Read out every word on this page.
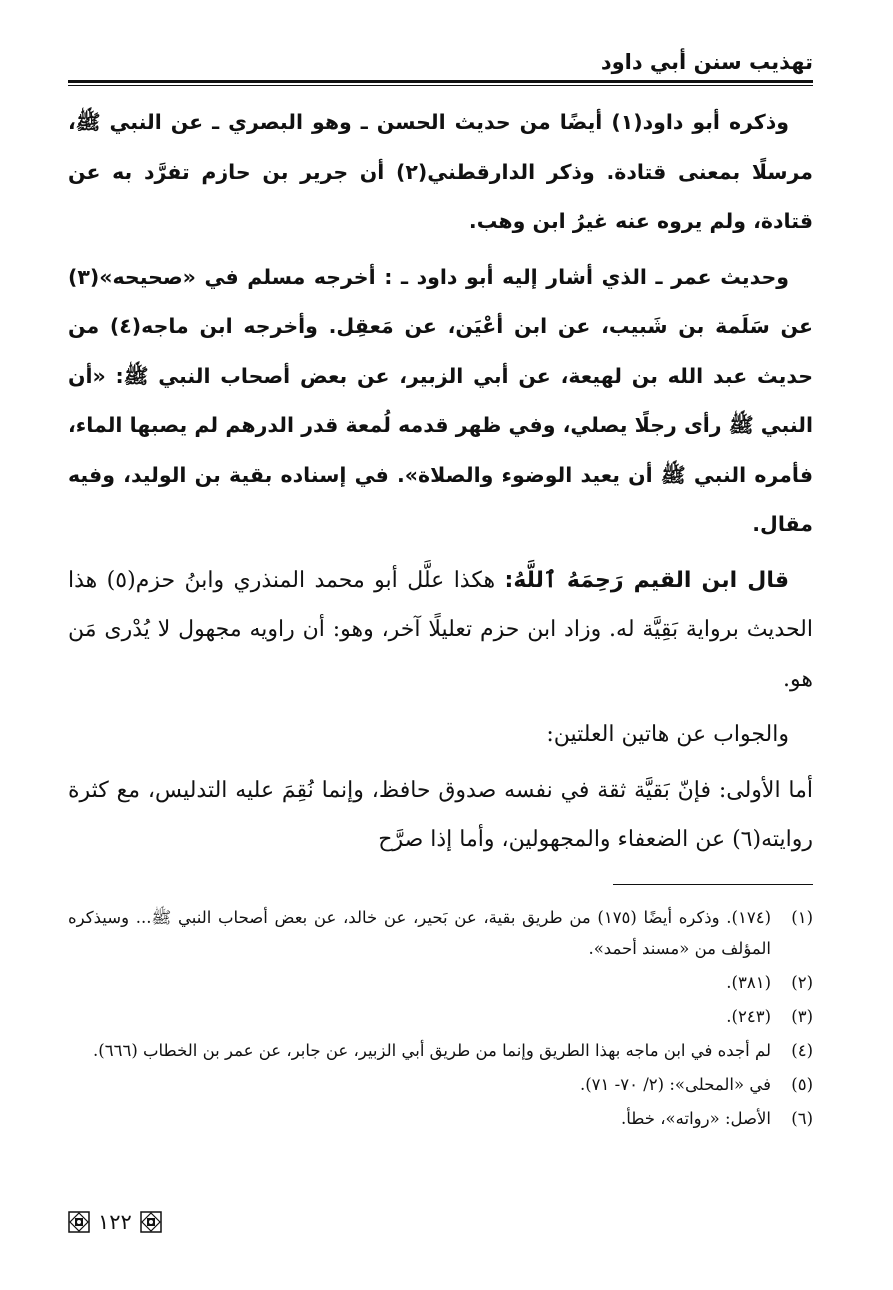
تهذيب سنن أبي داود

وذكره أبو داود(١) أيضًا من حديث الحسن ـ وهو البصري ـ عن النبي ﷺ، مرسلًا بمعنى قتادة. وذكر الدارقطني(٢) أن جرير بن حازم تفرَّد به عن قتادة، ولم يروه عنه غيرُ ابن وهب.

وحديث عمر ـ الذي أشار إليه أبو داود ـ : أخرجه مسلم في «صحيحه»(٣) عن سَلَمة بن شَبيب، عن ابن أعْيَن، عن مَعقِل. وأخرجه ابن ماجه(٤) من حديث عبد الله بن لهيعة، عن أبي الزبير، عن بعض أصحاب النبي ﷺ: «أن النبي ﷺ رأى رجلًا يصلي، وفي ظهر قدمه لُمعة قدر الدرهم لم يصبها الماء، فأمره النبي ﷺ أن يعيد الوضوء والصلاة». في إسناده بقية بن الوليد، وفيه مقال.

قال ابن القيم رَحِمَهُ ٱللَّهُ: هكذا علَّل أبو محمد المنذري وابنُ حزم(٥) هذا الحديث برواية بَقِيَّة له. وزاد ابن حزم تعليلًا آخر، وهو: أن راويه مجهول لا يُدْرى مَن هو.

والجواب عن هاتين العلتين:

أما الأولى: فإنّ بَقيَّة ثقة في نفسه صدوق حافظ، وإنما نُقِمَ عليه التدليس، مع كثرة روايته(٦) عن الضعفاء والمجهولين، وأما إذا صرَّح

(١)
(١٧٤). وذكره أيضًا (١٧٥) من طريق بقية، عن بَحير، عن خالد، عن بعض أصحاب النبي ﷺ... وسيذكره المؤلف من «مسند أحمد».
(٢)
(٣٨١).
(٣)
(٢٤٣).
(٤)
لم أجده في ابن ماجه بهذا الطريق وإنما من طريق أبي الزبير، عن جابر، عن عمر بن الخطاب (٦٦٦).
(٥)
في «المحلى»: (٢/ ٧٠- ٧١).
(٦)
الأصل: «رواته»، خطأ.
١٢٢
